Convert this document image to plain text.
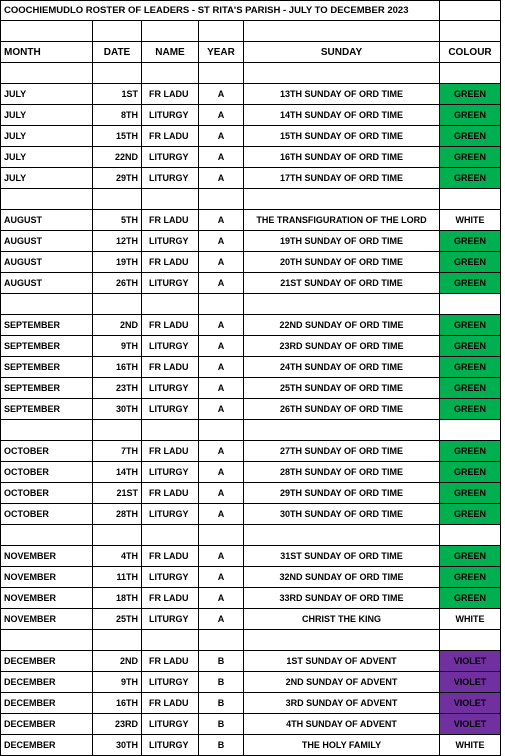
COOCHIEMUDLO ROSTER OF LEADERS - ST RITA'S PARISH - JULY TO DECEMBER 2023					

MONTH	DATE	NAME	YEAR	SUNDAY	COLOUR

JULY	1ST	FR LADU	A	13TH SUNDAY OF ORD TIME	GREEN
JULY	8TH	LITURGY	A	14TH SUNDAY OF ORD TIME	GREEN
JULY	15TH	FR LADU	A	15TH SUNDAY OF ORD TIME	GREEN
JULY	22ND	LITURGY	A	16TH SUNDAY OF ORD TIME	GREEN
JULY	29TH	LITURGY	A	17TH SUNDAY OF ORD TIME	GREEN

AUGUST	5TH	FR LADU	A	THE TRANSFIGURATION OF THE LORD	WHITE
AUGUST	12TH	LITURGY	A	19TH SUNDAY OF ORD TIME	GREEN
AUGUST	19TH	FR LADU	A	20TH SUNDAY OF ORD TIME	GREEN
AUGUST	26TH	LITURGY	A	21ST SUNDAY OF ORD TIME	GREEN

SEPTEMBER	2ND	FR LADU	A	22ND SUNDAY OF ORD TIME	GREEN
SEPTEMBER	9TH	LITURGY	A	23RD SUNDAY OF ORD TIME	GREEN
SEPTEMBER	16TH	FR LADU	A	24TH SUNDAY OF ORD TIME	GREEN
SEPTEMBER	23TH	LITURGY	A	25TH SUNDAY OF ORD TIME	GREEN
SEPTEMBER	30TH	LITURGY	A	26TH SUNDAY OF ORD TIME	GREEN

OCTOBER	7TH	FR LADU	A	27TH SUNDAY OF ORD TIME	GREEN
OCTOBER	14TH	LITURGY	A	28TH SUNDAY OF ORD TIME	GREEN
OCTOBER	21ST	FR LADU	A	29TH SUNDAY OF ORD TIME	GREEN
OCTOBER	28TH	LITURGY	A	30TH SUNDAY OF ORD TIME	GREEN

NOVEMBER	4TH	FR LADU	A	31ST SUNDAY OF ORD TIME	GREEN
NOVEMBER	11TH	LITURGY	A	32ND SUNDAY OF ORD TIME	GREEN
NOVEMBER	18TH	FR LADU	A	33RD SUNDAY OF ORD TIME	GREEN
NOVEMBER	25TH	LITURGY	A	CHRIST THE KING	WHITE

DECEMBER	2ND	FR LADU	B	1ST SUNDAY OF ADVENT	VIOLET
DECEMBER	9TH	LITURGY	B	2ND SUNDAY OF ADVENT	VIOLET
DECEMBER	16TH	FR LADU	B	3RD SUNDAY OF ADVENT	VIOLET
DECEMBER	23RD	LITURGY	B	4TH SUNDAY OF ADVENT	VIOLET
DECEMBER	30TH	LITURGY	B	THE HOLY FAMILY	WHITE
